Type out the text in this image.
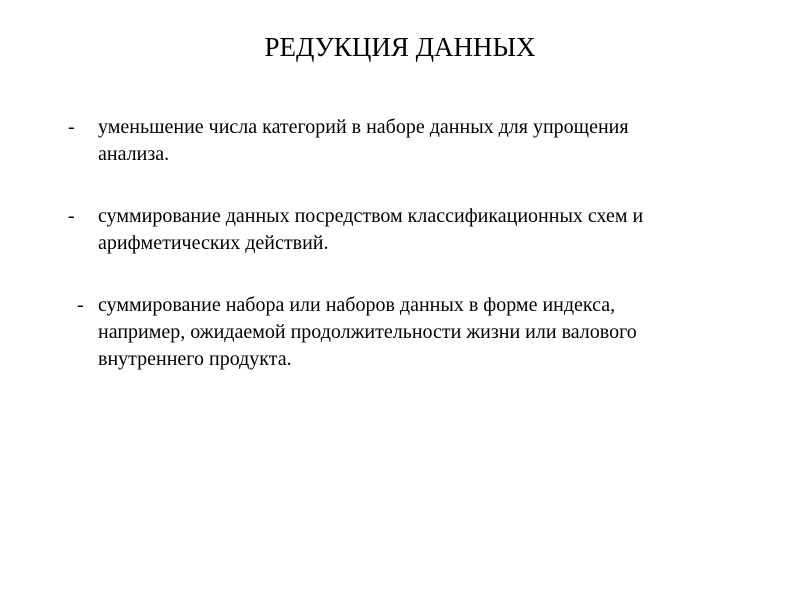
РЕДУКЦИЯ ДАННЫХ
- уменьшение числа категорий в наборе данных для упрощения
анализа.
- суммирование данных посредством классификационных схем и
арифметических действий.
- суммирование набора или наборов данных в форме индекса,
например, ожидаемой продолжительности жизни или валового
внутреннего продукта.
